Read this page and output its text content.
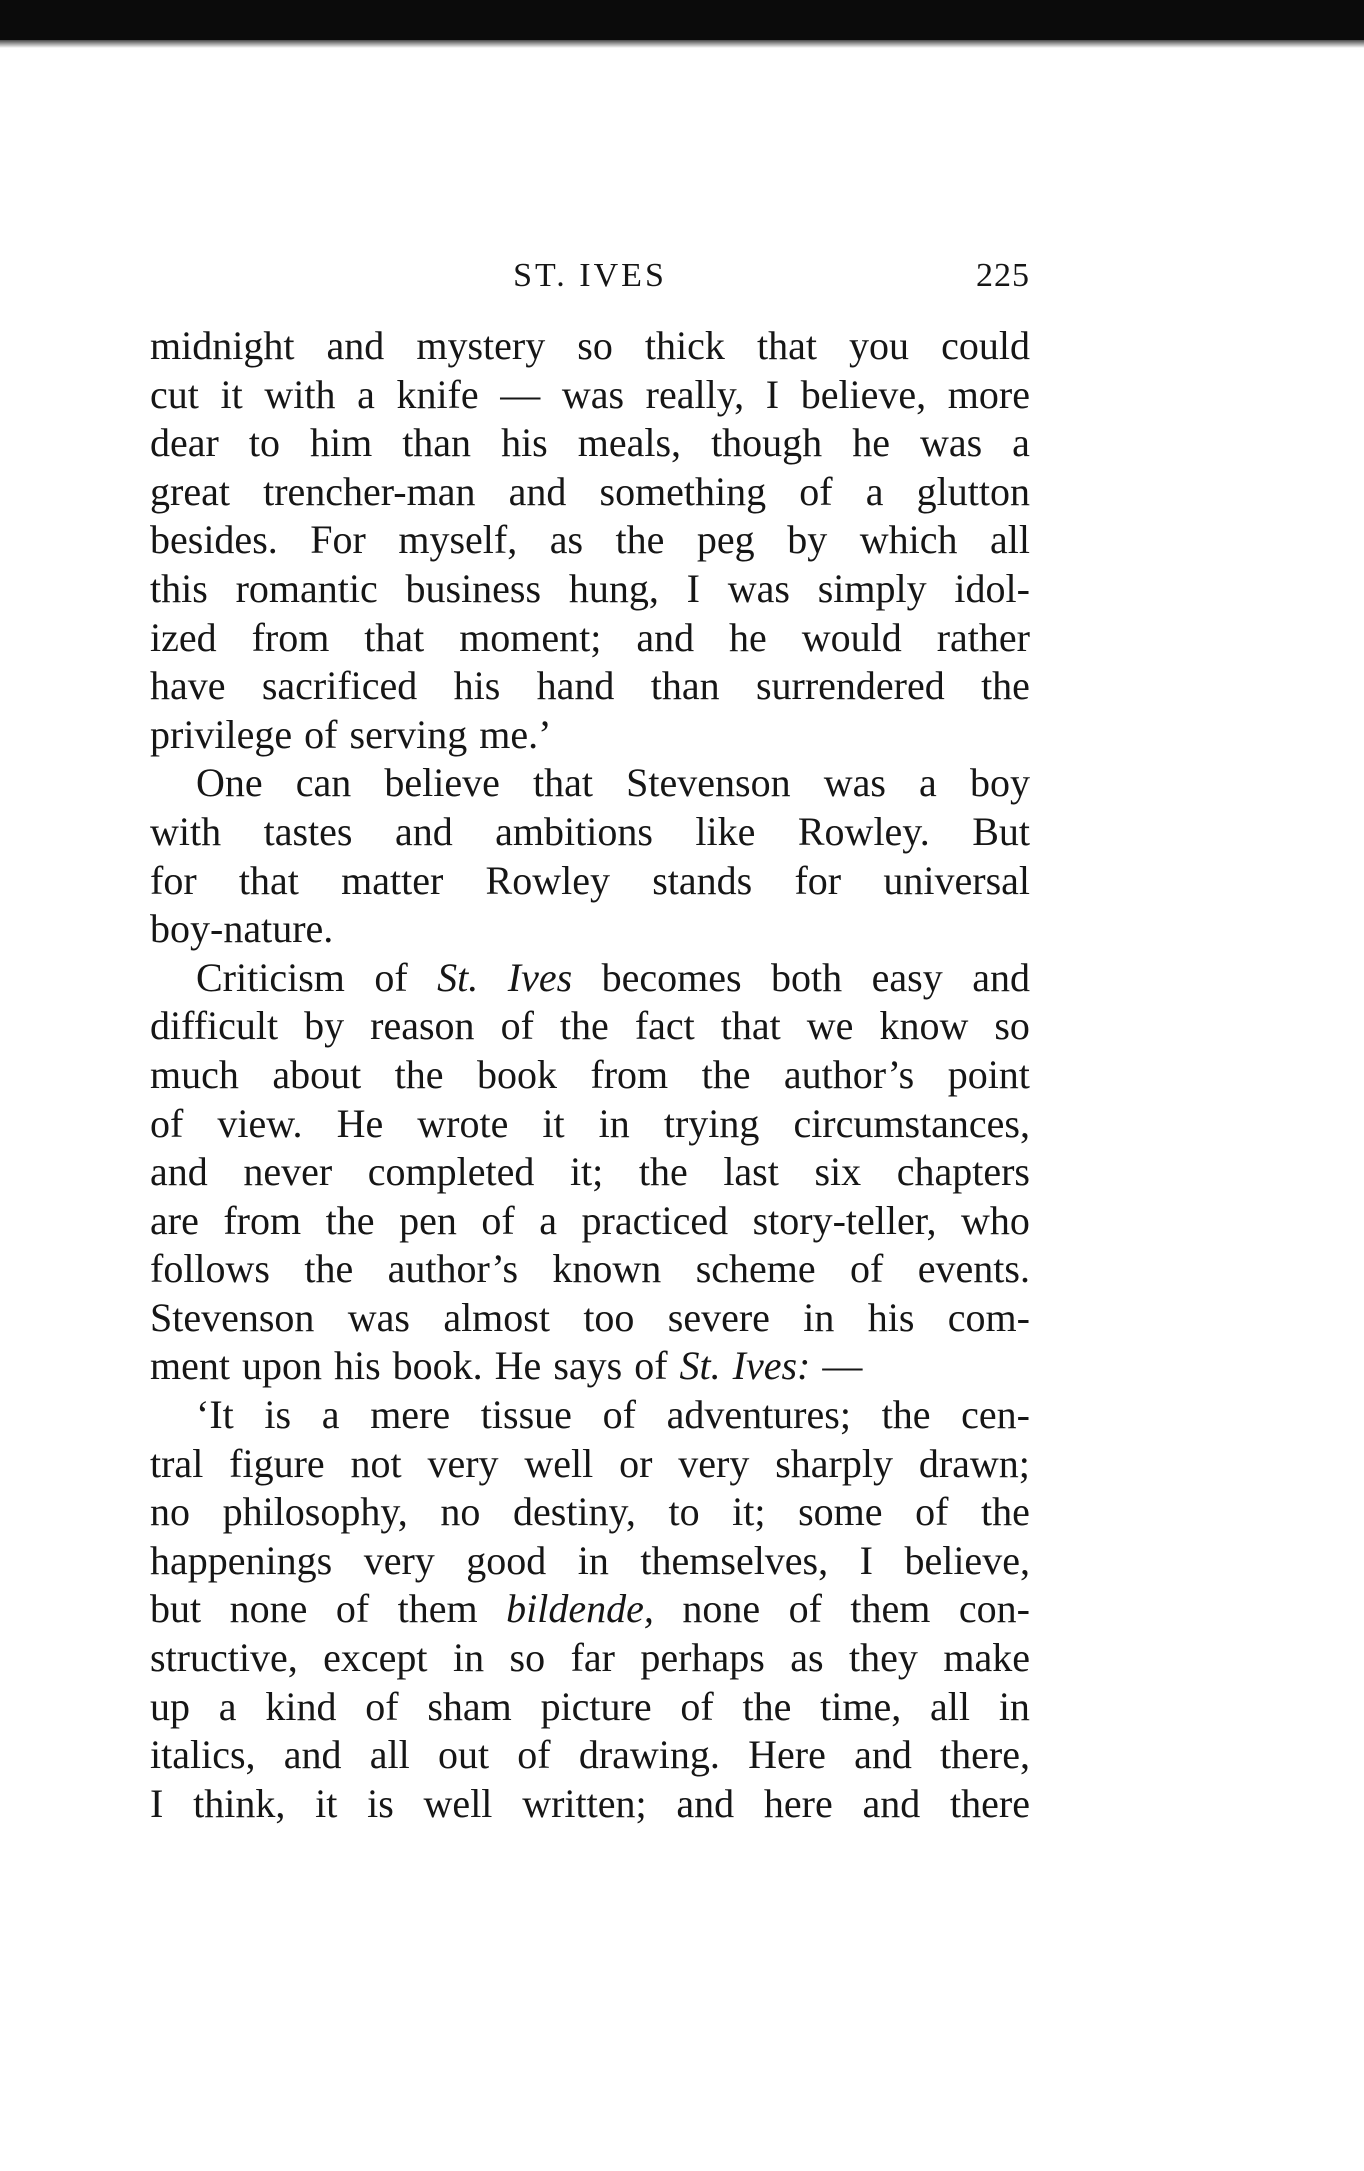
ST. IVES	225
midnight and mystery so thick that you could
cut it with a knife — was really, I believe, more
dear to him than his meals, though he was a
great trencher-man and something of a glutton
besides. For myself, as the peg by which all
this romantic business hung, I was simply idol-
ized from that moment; and he would rather
have sacrificed his hand than surrendered the
privilege of serving me.’
One can believe that Stevenson was a boy
with tastes and ambitions like Rowley. But
for that matter Rowley stands for universal
boy-nature.
Criticism of St. Ives becomes both easy and
difficult by reason of the fact that we know so
much about the book from the author’s point
of view. He wrote it in trying circumstances,
and never completed it; the last six chapters
are from the pen of a practiced story-teller, who
follows the author’s known scheme of events.
Stevenson was almost too severe in his com-
ment upon his book. He says of St. Ives: —
‘It is a mere tissue of adventures; the cen-
tral figure not very well or very sharply drawn;
no philosophy, no destiny, to it; some of the
happenings very good in themselves, I believe,
but none of them bildende, none of them con-
structive, except in so far perhaps as they make
up a kind of sham picture of the time, all in
italics, and all out of drawing. Here and there,
I think, it is well written; and here and there
